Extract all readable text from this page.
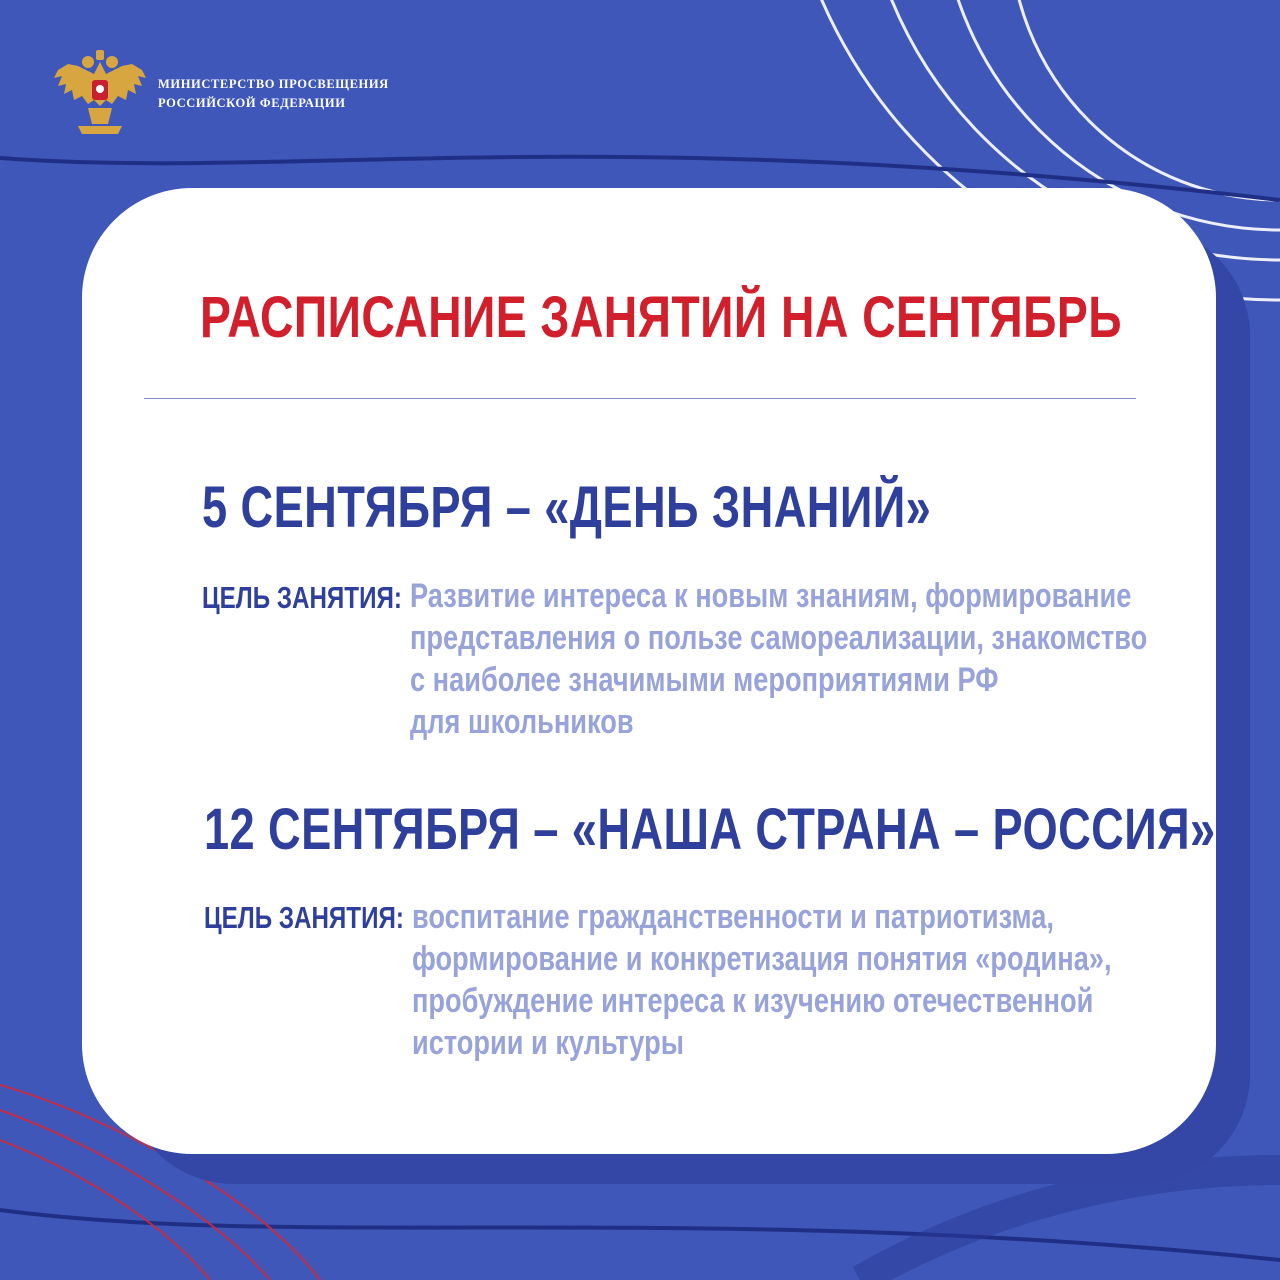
МИНИСТЕРСТВО ПРОСВЕЩЕНИЯ
РОССИЙСКОЙ ФЕДЕРАЦИИ
РАСПИСАНИЕ ЗАНЯТИЙ НА СЕНТЯБРЬ
5 СЕНТЯБРЯ – «ДЕНЬ ЗНАНИЙ»
ЦЕЛЬ ЗАНЯТИЯ: Развитие интереса к новым знаниям, формирование
представления о пользе самореализации, знакомство
с наиболее значимыми мероприятиями РФ
для школьников
12 СЕНТЯБРЯ – «НАША СТРАНА – РОССИЯ»
ЦЕЛЬ ЗАНЯТИЯ: воспитание гражданственности и патриотизма,
формирование и конкретизация понятия «родина»,
пробуждение интереса к изучению отечественной
истории и культуры
